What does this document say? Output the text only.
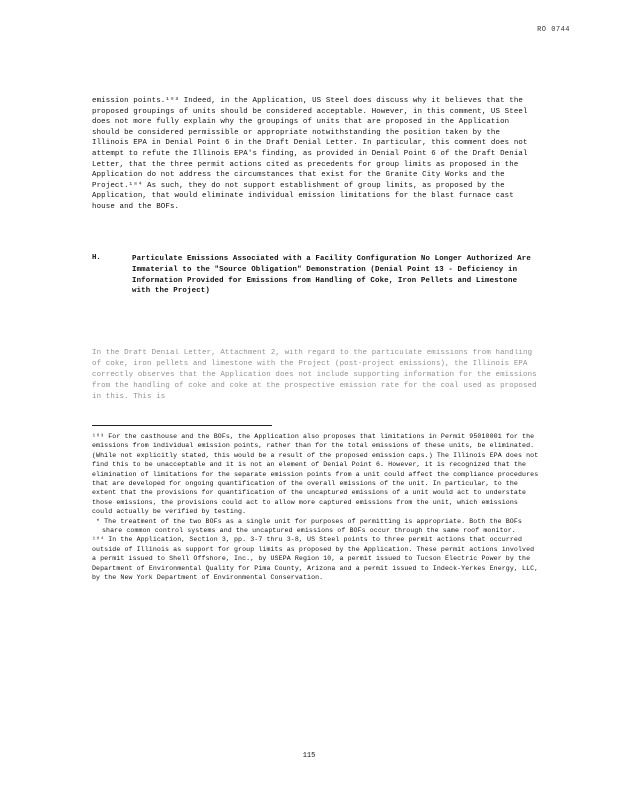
RO 0744
emission points.¹⁸³ Indeed, in the Application, US Steel does discuss why it believes that the proposed groupings of units should be considered acceptable. However, in this comment, US Steel does not more fully explain why the groupings of units that are proposed in the Application should be considered permissible or appropriate notwithstanding the position taken by the Illinois EPA in Denial Point 6 in the Draft Denial Letter. In particular, this comment does not attempt to refute the Illinois EPA's finding, as provided in Denial Point 6 of the Draft Denial Letter, that the three permit actions cited as precedents for group limits as proposed in the Application do not address the circumstances that exist for the Granite City Works and the Project.¹⁸⁴ As such, they do not support establishment of group limits, as proposed by the Application, that would eliminate individual emission limitations for the blast furnace cast house and the BOFs.
H.	Particulate Emissions Associated with a Facility Configuration No Longer Authorized Are Immaterial to the "Source Obligation" Demonstration (Denial Point 13 - Deficiency in Information Provided for Emissions from Handling of Coke, Iron Pellets and Limestone with the Project)
In the Draft Denial Letter, Attachment 2, with regard to the particulate emissions from handling of coke, iron pellets and limestone with the Project (post-project emissions), the Illinois EPA correctly observes that the Application does not include supporting information for the emissions from the handling of coke and coke at the prospective emission rate for the coal used as proposed in this. This is
¹⁸³ For the casthouse and the BOFs, the Application also proposes that limitations in Permit 95010001 for the emissions from individual emission points, rather than for the total emissions of these units, be eliminated. (While not explicitly stated, this would be a result of the proposed emission caps.) The Illinois EPA does not find this to be unacceptable and it is not an element of Denial Point 6. However, it is recognized that the elimination of limitations for the separate emission points from a unit could affect the compliance procedures that are developed for ongoing quantification of the overall emissions of the unit. In particular, to the extent that the provisions for quantification of the uncaptured emissions of a unit would act to understate those emissions, the provisions could act to allow more captured emissions from the unit, which emissions could actually be verified by testing.
* The treatment of the two BOFs as a single unit for purposes of permitting is appropriate. Both the BOFs share common control systems and the uncaptured emissions of BOFs occur through the same roof monitor.
¹⁸⁴ In the Application, Section 3, pp. 3-7 thru 3-8, US Steel points to three permit actions that occurred outside of Illinois as support for group limits as proposed by the Application. These permit actions involved a permit issued to Shell Offshore, Inc., by USEPA Region 10, a permit issued to Tucson Electric Power by the Department of Environmental Quality for Pima County, Arizona and a permit issued to Indeck-Yerkes Energy, LLC, by the New York Department of Environmental Conservation.
115
